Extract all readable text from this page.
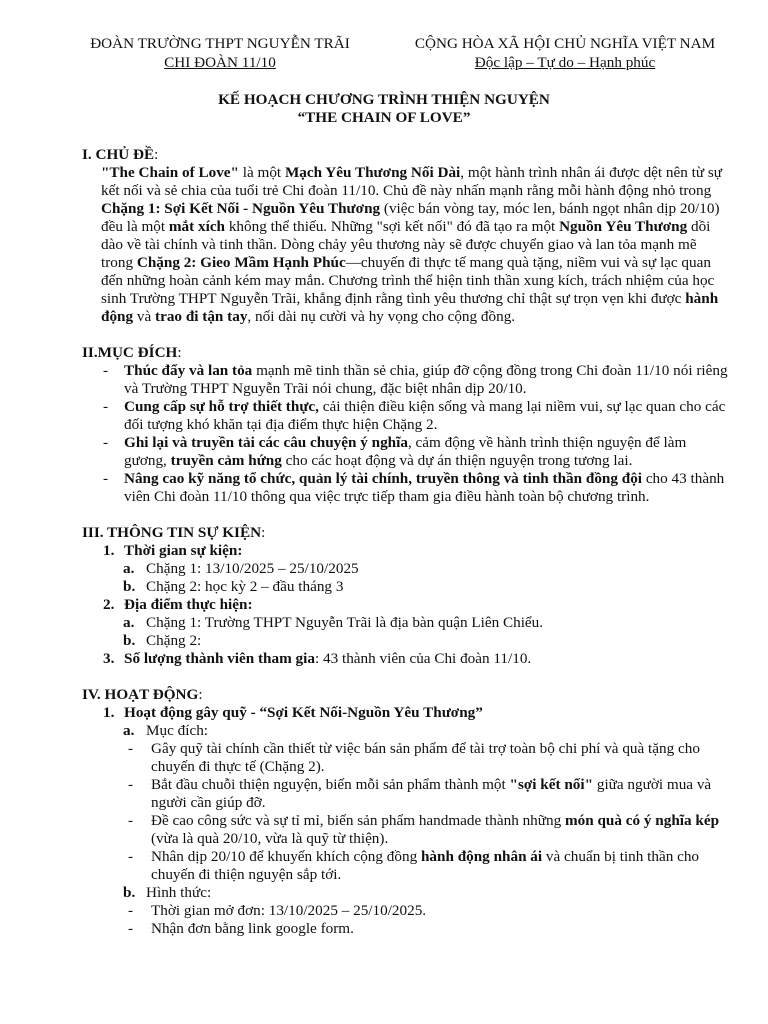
ĐOÀN TRƯỜNG THPT NGUYỄN TRÃI
CHI ĐOÀN 11/10
CỘNG HÒA XÃ HỘI CHỦ NGHĨA VIỆT NAM
Độc lập – Tự do – Hạnh phúc
KẾ HOẠCH CHƯƠNG TRÌNH THIỆN NGUYỆN
“THE CHAIN OF LOVE”
I. CHỦ ĐỀ:
"The Chain of Love" là một Mạch Yêu Thương Nối Dài, một hành trình nhân ái được dệt nên từ sự kết nối và sẻ chia của tuổi trẻ Chi đoàn 11/10. Chủ đề này nhấn mạnh rằng mỗi hành động nhỏ trong Chặng 1: Sợi Kết Nối - Nguồn Yêu Thương (việc bán vòng tay, móc len, bánh ngọt nhân dịp 20/10) đều là một mắt xích không thể thiếu. Những "sợi kết nối" đó đã tạo ra một Nguồn Yêu Thương dồi dào về tài chính và tinh thần. Dòng chảy yêu thương này sẽ được chuyển giao và lan tỏa mạnh mẽ trong Chặng 2: Gieo Mầm Hạnh Phúc—chuyến đi thực tế mang quà tặng, niềm vui và sự lạc quan đến những hoàn cảnh kém may mắn. Chương trình thể hiện tinh thần xung kích, trách nhiệm của học sinh Trường THPT Nguyễn Trãi, khẳng định rằng tình yêu thương chỉ thật sự trọn vẹn khi được hành động và trao đi tận tay, nối dài nụ cười và hy vọng cho cộng đồng.
II.MỤC ĐÍCH:
- Thúc đẩy và lan tỏa mạnh mẽ tinh thần sẻ chia, giúp đỡ cộng đồng trong Chi đoàn 11/10 nói riêng và Trường THPT Nguyễn Trãi nói chung, đặc biệt nhân dịp 20/10.
- Cung cấp sự hỗ trợ thiết thực, cải thiện điều kiện sống và mang lại niềm vui, sự lạc quan cho các đối tượng khó khăn tại địa điểm thực hiện Chặng 2.
- Ghi lại và truyền tải các câu chuyện ý nghĩa, cảm động về hành trình thiện nguyện để làm gương, truyền cảm hứng cho các hoạt động và dự án thiện nguyện trong tương lai.
- Nâng cao kỹ năng tổ chức, quản lý tài chính, truyền thông và tinh thần đồng đội cho 43 thành viên Chi đoàn 11/10 thông qua việc trực tiếp tham gia điều hành toàn bộ chương trình.
III. THÔNG TIN SỰ KIỆN:
1. Thời gian sự kiện:
a. Chặng 1: 13/10/2025 – 25/10/2025
b. Chặng 2: học kỳ 2 – đầu tháng 3
2. Địa điểm thực hiện:
a. Chặng 1: Trường THPT Nguyễn Trãi là địa bàn quận Liên Chiểu.
b. Chặng 2:
3. Số lượng thành viên tham gia: 43 thành viên của Chi đoàn 11/10.
IV. HOẠT ĐỘNG:
1. Hoạt động gây quỹ - “Sợi Kết Nối-Nguồn Yêu Thương”
a. Mục đích:
- Gây quỹ tài chính cần thiết từ việc bán sản phẩm để tài trợ toàn bộ chi phí và quà tặng cho chuyến đi thực tế (Chặng 2).
- Bắt đầu chuỗi thiện nguyện, biến mỗi sản phẩm thành một "sợi kết nối" giữa người mua và người cần giúp đỡ.
- Đề cao công sức và sự tỉ mỉ, biến sản phẩm handmade thành những món quà có ý nghĩa kép (vừa là quà 20/10, vừa là quỹ từ thiện).
- Nhân dịp 20/10 để khuyến khích cộng đồng hành động nhân ái và chuẩn bị tinh thần cho chuyến đi thiện nguyện sắp tới.
b. Hình thức:
- Thời gian mở đơn: 13/10/2025 – 25/10/2025.
- Nhận đơn bằng link google form.
